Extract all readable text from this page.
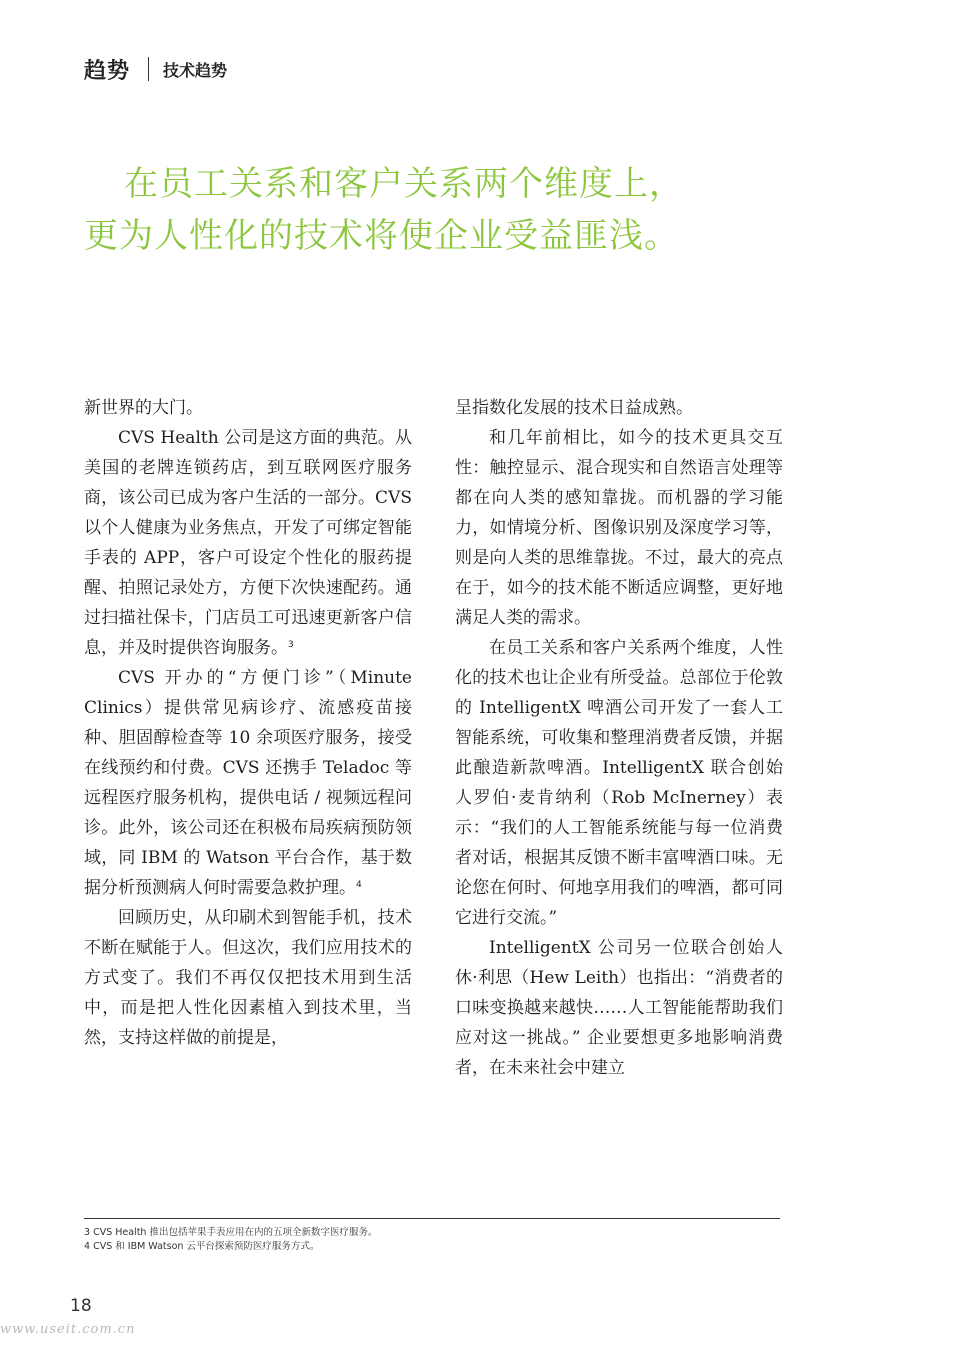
趋势 技术趋势
在员工关系和客户关系两个维度上，
更为人性化的技术将使企业受益匪浅。

新世界的大门。

CVS Health 公司是这方面的典范。从美国的老牌连锁药店，到互联网医疗服务商，该公司已成为客户生活的一部分。CVS 以个人健康为业务焦点，开发了可绑定智能手表的 APP，客户可设定个性化的服药提醒、拍照记录处方，方便下次快速配药。通过扫描社保卡，门店员工可迅速更新客户信息，并及时提供咨询服务。$^3$

CVS 开办的“方便门诊”（Minute Clinics）提供常见病诊疗、流感疫苗接种、胆固醇检查等 10 余项医疗服务，接受在线预约和付费。CVS 还携手 Teladoc 等远程医疗服务机构，提供电话 / 视频远程问诊。此外，该公司还在积极布局疾病预防领域，同 IBM 的 Watson 平台合作，基于数据分析预测病人何时需要急救护理。$^4$

回顾历史，从印刷术到智能手机，技术不断在赋能于人。但这次，我们应用技术的方式变了。我们不再仅仅把技术用到生活中，而是把人性化因素植入到技术里，当然，支持这样做的前提是，

呈指数化发展的技术日益成熟。

和几年前相比，如今的技术更具交互性：触控显示、混合现实和自然语言处理等都在向人类的感知靠拢。而机器的学习能力，如情境分析、图像识别及深度学习等，则是向人类的思维靠拢。不过，最大的亮点在于，如今的技术能不断适应调整，更好地满足人类的需求。

在员工关系和客户关系两个维度，人性化的技术也让企业有所受益。总部位于伦敦的 IntelligentX 啤酒公司开发了一套人工智能系统，可收集和整理消费者反馈，并据此酿造新款啤酒。IntelligentX 联合创始人罗伯·麦肯纳利（Rob McInerney）表示：“我们的人工智能系统能与每一位消费者对话，根据其反馈不断丰富啤酒口味。无论您在何时、何地享用我们的啤酒，都可同它进行交流。”

IntelligentX 公司另一位联合创始人休·利思（Hew Leith）也指出：“消费者的口味变换越来越快……人工智能能帮助我们应对这一挑战。” 企业要想更多地影响消费者，在未来社会中建立

3 CVS Health 推出包括苹果手表应用在内的五项全新数字医疗服务。
4 CVS 和 IBM Watson 云平台探索预防医疗服务方式。
18
www.useit.com.cn
